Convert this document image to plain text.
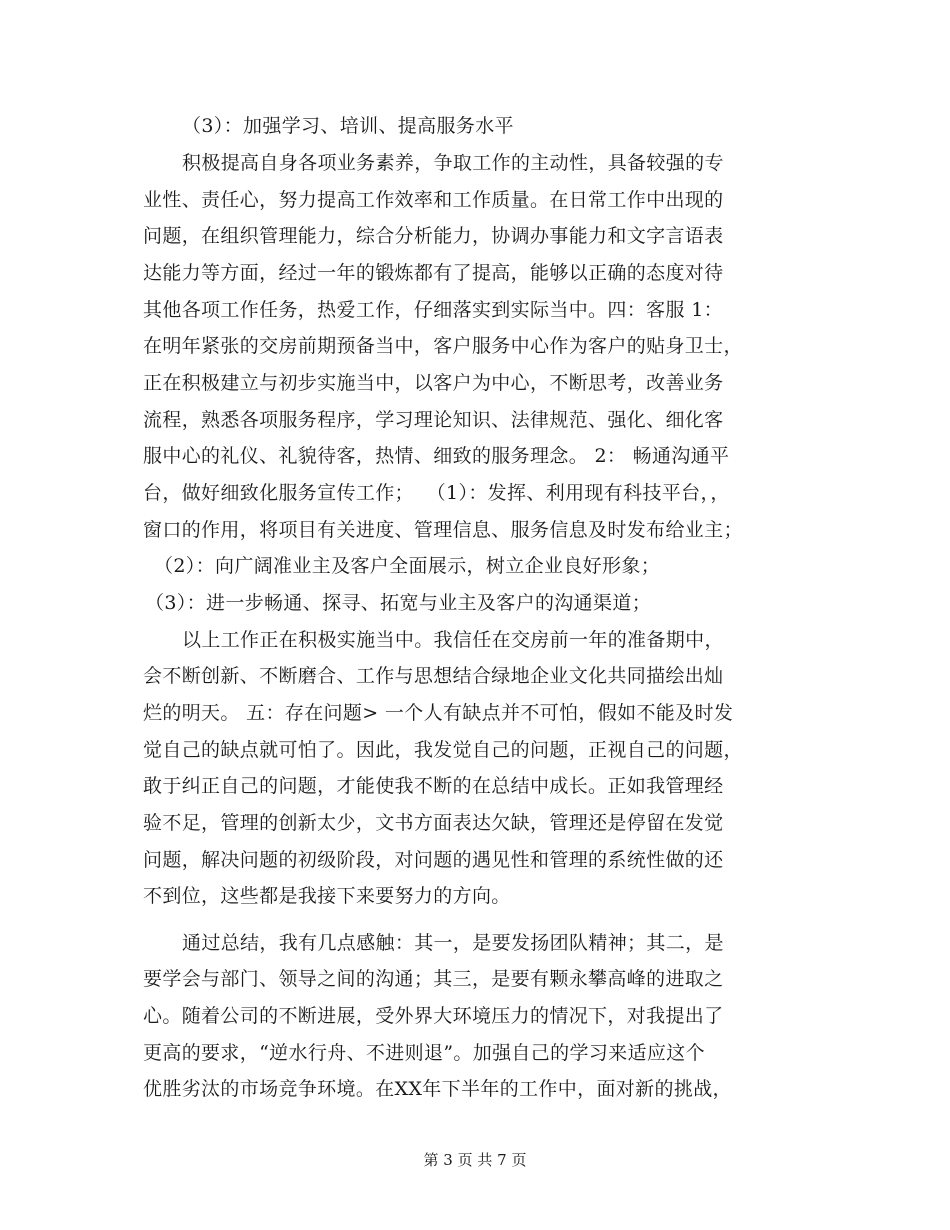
（3）：加强学习、培训、提高服务水平
积极提高自身各项业务素养，争取工作的主动性，具备较强的专
业性、责任心，努力提高工作效率和工作质量。在日常工作中出现的
问题，在组织管理能力，综合分析能力，协调办事能力和文字言语表
达能力等方面，经过一年的锻炼都有了提高，能够以正确的态度对待
其他各项工作任务，热爱工作，仔细落实到实际当中。四：客服 1：
在明年紧张的交房前期预备当中，客户服务中心作为客户的贴身卫士，
正在积极建立与初步实施当中，以客户为中心，不断思考，改善业务
流程，熟悉各项服务程序，学习理论知识、法律规范、强化、细化客
服中心的礼仪、礼貌待客，热情、细致的服务理念。 2： 畅通沟通平
台，做好细致化服务宣传工作；  （1）：发挥、利用现有科技平台，，
窗口的作用，将项目有关进度、管理信息、服务信息及时发布给业主；
（2）：向广阔准业主及客户全面展示，树立企业良好形象；
（3）：进一步畅通、探寻、拓宽与业主及客户的沟通渠道；
以上工作正在积极实施当中。我信任在交房前一年的准备期中，
会不断创新、不断磨合、工作与思想结合绿地企业文化共同描绘出灿
烂的明天。 五：存在问题> 一个人有缺点并不可怕，假如不能及时发
觉自己的缺点就可怕了。因此，我发觉自己的问题，正视自己的问题，
敢于纠正自己的问题，才能使我不断的在总结中成长。正如我管理经
验不足，管理的创新太少，文书方面表达欠缺，管理还是停留在发觉
问题，解决问题的初级阶段，对问题的遇见性和管理的系统性做的还
不到位，这些都是我接下来要努力的方向。
通过总结，我有几点感触：其一，是要发扬团队精神；其二，是
要学会与部门、领导之间的沟通；其三，是要有颗永攀高峰的进取之
心。随着公司的不断进展，受外界大环境压力的情况下，对我提出了
更高的要求，“逆水行舟、不进则退”。加强自己的学习来适应这个
优胜劣汰的市场竞争环境。在XX年下半年的工作中，面对新的挑战，
第 3 页 共 7 页
